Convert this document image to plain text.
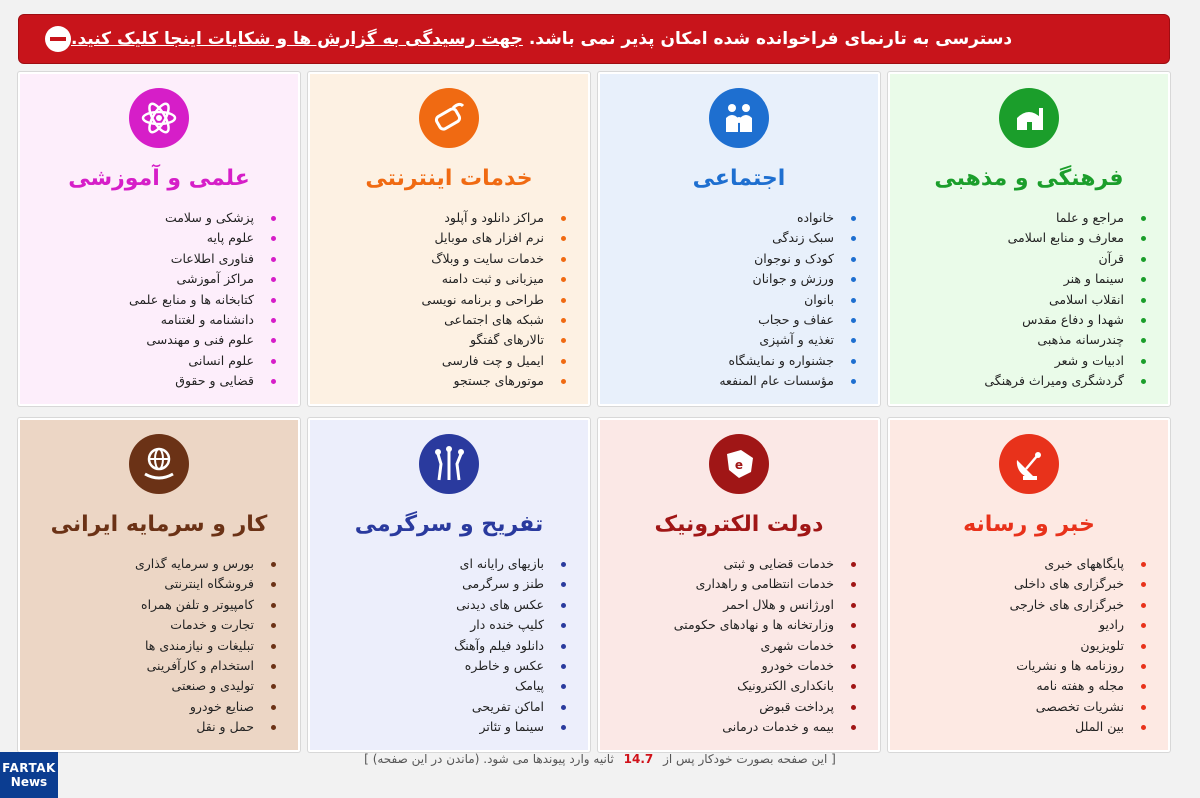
دسترسی به تارنمای فراخوانده شده امکان پذیر نمی باشد. جهت رسیدگی به گزارش ها و شکایات اینجا کلیک کنید.
فرهنگی و مذهبی
مراجع و علما
معارف و منابع اسلامی
قرآن
سینما و هنر
انقلاب اسلامی
شهدا و دفاع مقدس
چندرسانه مذهبی
ادبیات و شعر
گردشگری ومیراث فرهنگی
اجتماعی
خانواده
سبک زندگی
کودک و نوجوان
ورزش و جوانان
بانوان
عفاف و حجاب
تغذیه و آشپزی
جشنواره و نمایشگاه
مؤسسات عام المنفعه
خدمات اینترنتی
مراکز دانلود و آپلود
نرم افزار های موبایل
خدمات سایت و وبلاگ
میزبانی و ثبت دامنه
طراحی و برنامه نویسی
شبکه های اجتماعی
تالارهای گفتگو
ایمیل و چت فارسی
موتورهای جستجو
علمی و آموزشی
پزشکی و سلامت
علوم پایه
فناوری اطلاعات
مراکز آموزشی
کتابخانه ها و منابع علمی
دانشنامه و لغتنامه
علوم فنی و مهندسی
علوم انسانی
قضایی و حقوق
خبر و رسانه
پایگاههای خبری
خبرگزاری های داخلی
خبرگزاری های خارجی
رادیو
تلویزیون
روزنامه ها و نشریات
مجله و هفته نامه
نشریات تخصصی
بین الملل
e
دولت الکترونیک
خدمات قضایی و ثبتی
خدمات انتظامی و راهداری
اورژانس و هلال احمر
وزارتخانه ها و نهادهای حکومتی
خدمات شهری
خدمات خودرو
بانکداری الکترونیک
پرداخت قبوض
بیمه و خدمات درمانی
تفریح و سرگرمی
بازیهای رایانه ای
طنز و سرگرمی
عکس های دیدنی
کلیپ خنده دار
دانلود فیلم وآهنگ
عکس و خاطره
پیامک
اماکن تفریحی
سینما و تئاتر
کار و سرمایه ایرانی
بورس و سرمایه گذاری
فروشگاه اینترنتی
کامپیوتر و تلفن همراه
تجارت و خدمات
تبلیغات و نیازمندی ها
استخدام و کارآفرینی
تولیدی و صنعتی
صنایع خودرو
حمل و نقل
[ این صفحه بصورت خودکار پس از 14.7 ثانیه وارد پیوندها می شود. (ماندن در این صفحه) ]
FARTAK
News
